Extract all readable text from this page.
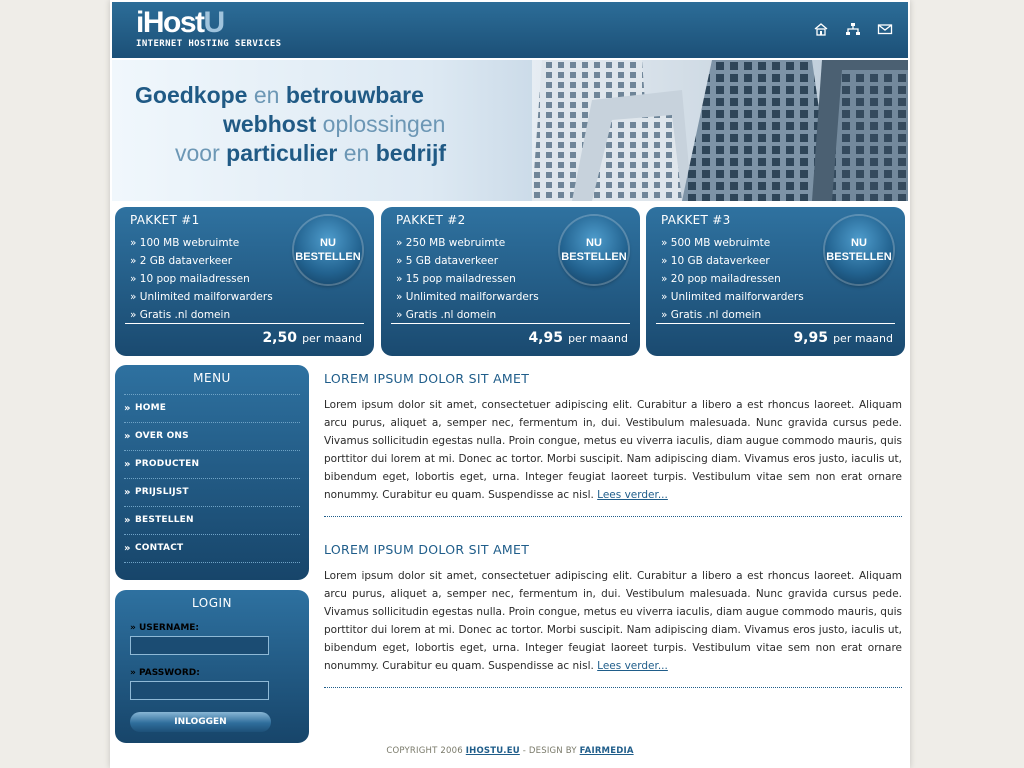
iHostU
INTERNET HOSTING SERVICES
Goedkope en betrouwbare
webhost oplossingen
voor particulier en bedrijf
PAKKET #1
» 100 MB webruimte
» 2 GB dataverkeer
» 10 pop mailadressen
» Unlimited mailforwarders
» Gratis .nl domein
NU
BESTELLEN
2,50 per maand
PAKKET #2
» 250 MB webruimte
» 5 GB dataverkeer
» 15 pop mailadressen
» Unlimited mailforwarders
» Gratis .nl domein
NU
BESTELLEN
4,95 per maand
PAKKET #3
» 500 MB webruimte
» 10 GB dataverkeer
» 20 pop mailadressen
» Unlimited mailforwarders
» Gratis .nl domein
NU
BESTELLEN
9,95 per maand
MENU
» HOME
» OVER ONS
» PRODUCTEN
» PRIJSLIJST
» BESTELLEN
» CONTACT
LOGIN
» USERNAME:
» PASSWORD:
INLOGGEN
LOREM IPSUM DOLOR SIT AMET

Lorem ipsum dolor sit amet, consectetuer adipiscing elit. Curabitur a libero a est rhoncus laoreet. Aliquam arcu purus, aliquet a, semper nec, fermentum in, dui. Vestibulum malesuada. Nunc gravida cursus pede. Vivamus sollicitudin egestas nulla. Proin congue, metus eu viverra iaculis, diam augue commodo mauris, quis porttitor dui lorem at mi. Donec ac tortor. Morbi suscipit. Nam adipiscing diam. Vivamus eros justo, iaculis ut, bibendum eget, lobortis eget, urna. Integer feugiat laoreet turpis. Vestibulum vitae sem non erat ornare nonummy. Curabitur eu quam. Suspendisse ac nisl. Lees verder...

LOREM IPSUM DOLOR SIT AMET

Lorem ipsum dolor sit amet, consectetuer adipiscing elit. Curabitur a libero a est rhoncus laoreet. Aliquam arcu purus, aliquet a, semper nec, fermentum in, dui. Vestibulum malesuada. Nunc gravida cursus pede. Vivamus sollicitudin egestas nulla. Proin congue, metus eu viverra iaculis, diam augue commodo mauris, quis porttitor dui lorem at mi. Donec ac tortor. Morbi suscipit. Nam adipiscing diam. Vivamus eros justo, iaculis ut, bibendum eget, lobortis eget, urna. Integer feugiat laoreet turpis. Vestibulum vitae sem non erat ornare nonummy. Curabitur eu quam. Suspendisse ac nisl. Lees verder...

COPYRIGHT 2006 IHOSTU.EU - DESIGN BY FAIRMEDIA
